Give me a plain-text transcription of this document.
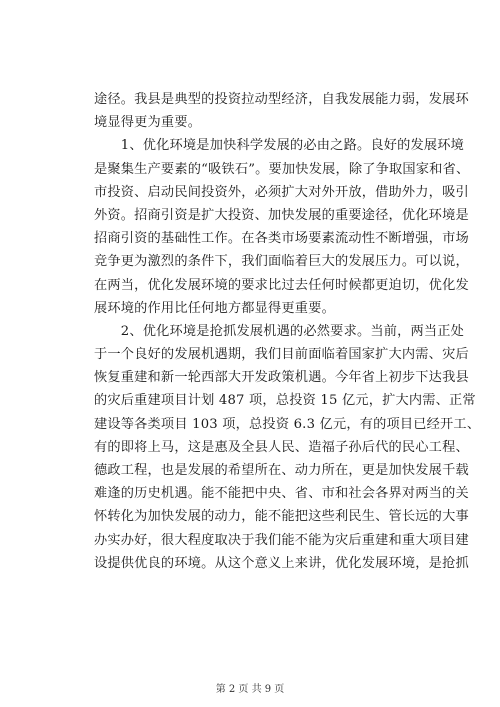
途径。我县是典型的投资拉动型经济，自我发展能力弱，发展环
境显得更为重要。
　　1、优化环境是加快科学发展的必由之路。良好的发展环境
是聚集生产要素的“吸铁石”。要加快发展，除了争取国家和省、
市投资、启动民间投资外，必须扩大对外开放，借助外力，吸引
外资。招商引资是扩大投资、加快发展的重要途径，优化环境是
招商引资的基础性工作。在各类市场要素流动性不断增强，市场
竞争更为激烈的条件下，我们面临着巨大的发展压力。可以说，
在两当，优化发展环境的要求比过去任何时候都更迫切，优化发
展环境的作用比任何地方都显得更重要。
　　2、优化环境是抢抓发展机遇的必然要求。当前，两当正处
于一个良好的发展机遇期，我们目前面临着国家扩大内需、灾后
恢复重建和新一轮西部大开发政策机遇。今年省上初步下达我县
的灾后重建项目计划 487 项，总投资 15 亿元，扩大内需、正常
建设等各类项目 103 项，总投资 6.3 亿元，有的项目已经开工、
有的即将上马，这是惠及全县人民、造福子孙后代的民心工程、
德政工程，也是发展的希望所在、动力所在，更是加快发展千载
难逢的历史机遇。能不能把中央、省、市和社会各界对两当的关
怀转化为加快发展的动力，能不能把这些利民生、管长远的大事
办实办好，很大程度取决于我们能不能为灾后重建和重大项目建
设提供优良的环境。从这个意义上来讲，优化发展环境，是抢抓
第 2 页 共 9 页
